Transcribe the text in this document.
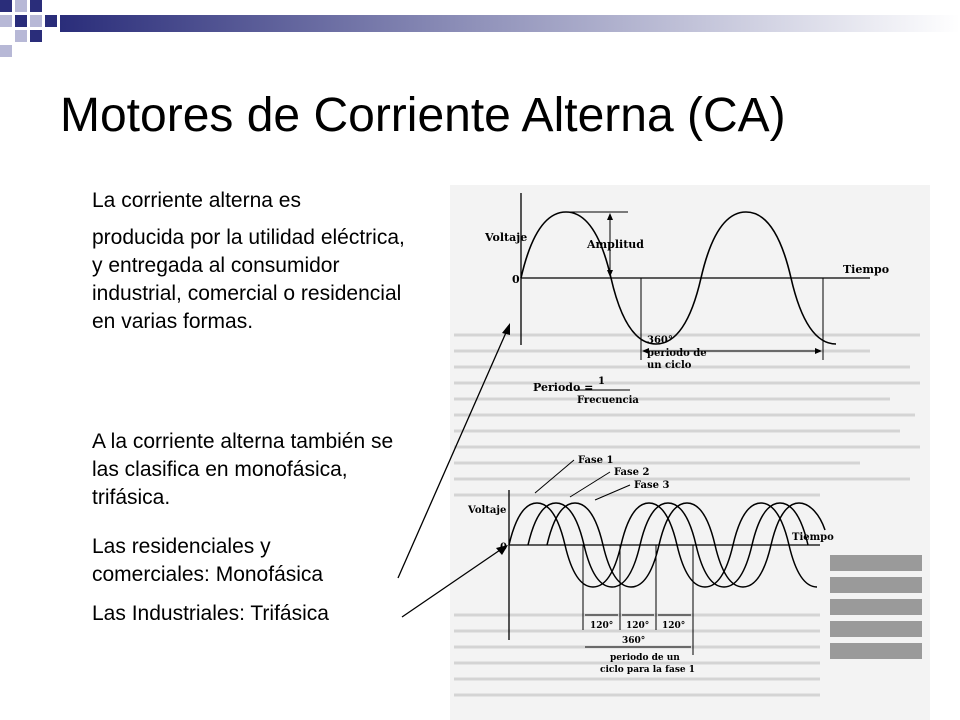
Motores de Corriente Alterna (CA)
La corriente alterna es
producida por la utilidad eléctrica, y entregada al consumidor industrial, comercial o residencial en varias formas.
A la corriente alterna también se las clasifica en monofásica, trifásica.
Las residenciales y comerciales: Monofásica
Las Industriales: Trifásica
Voltaje
Amplitud
Tiempo
0
360°
periodo de
un ciclo
Periodo = 1
Frecuencia
Fase 1
Fase 2
Fase 3
Voltaje
Tiempo
120° 120° 120°
360°
periodo de un
ciclo para la fase 1
